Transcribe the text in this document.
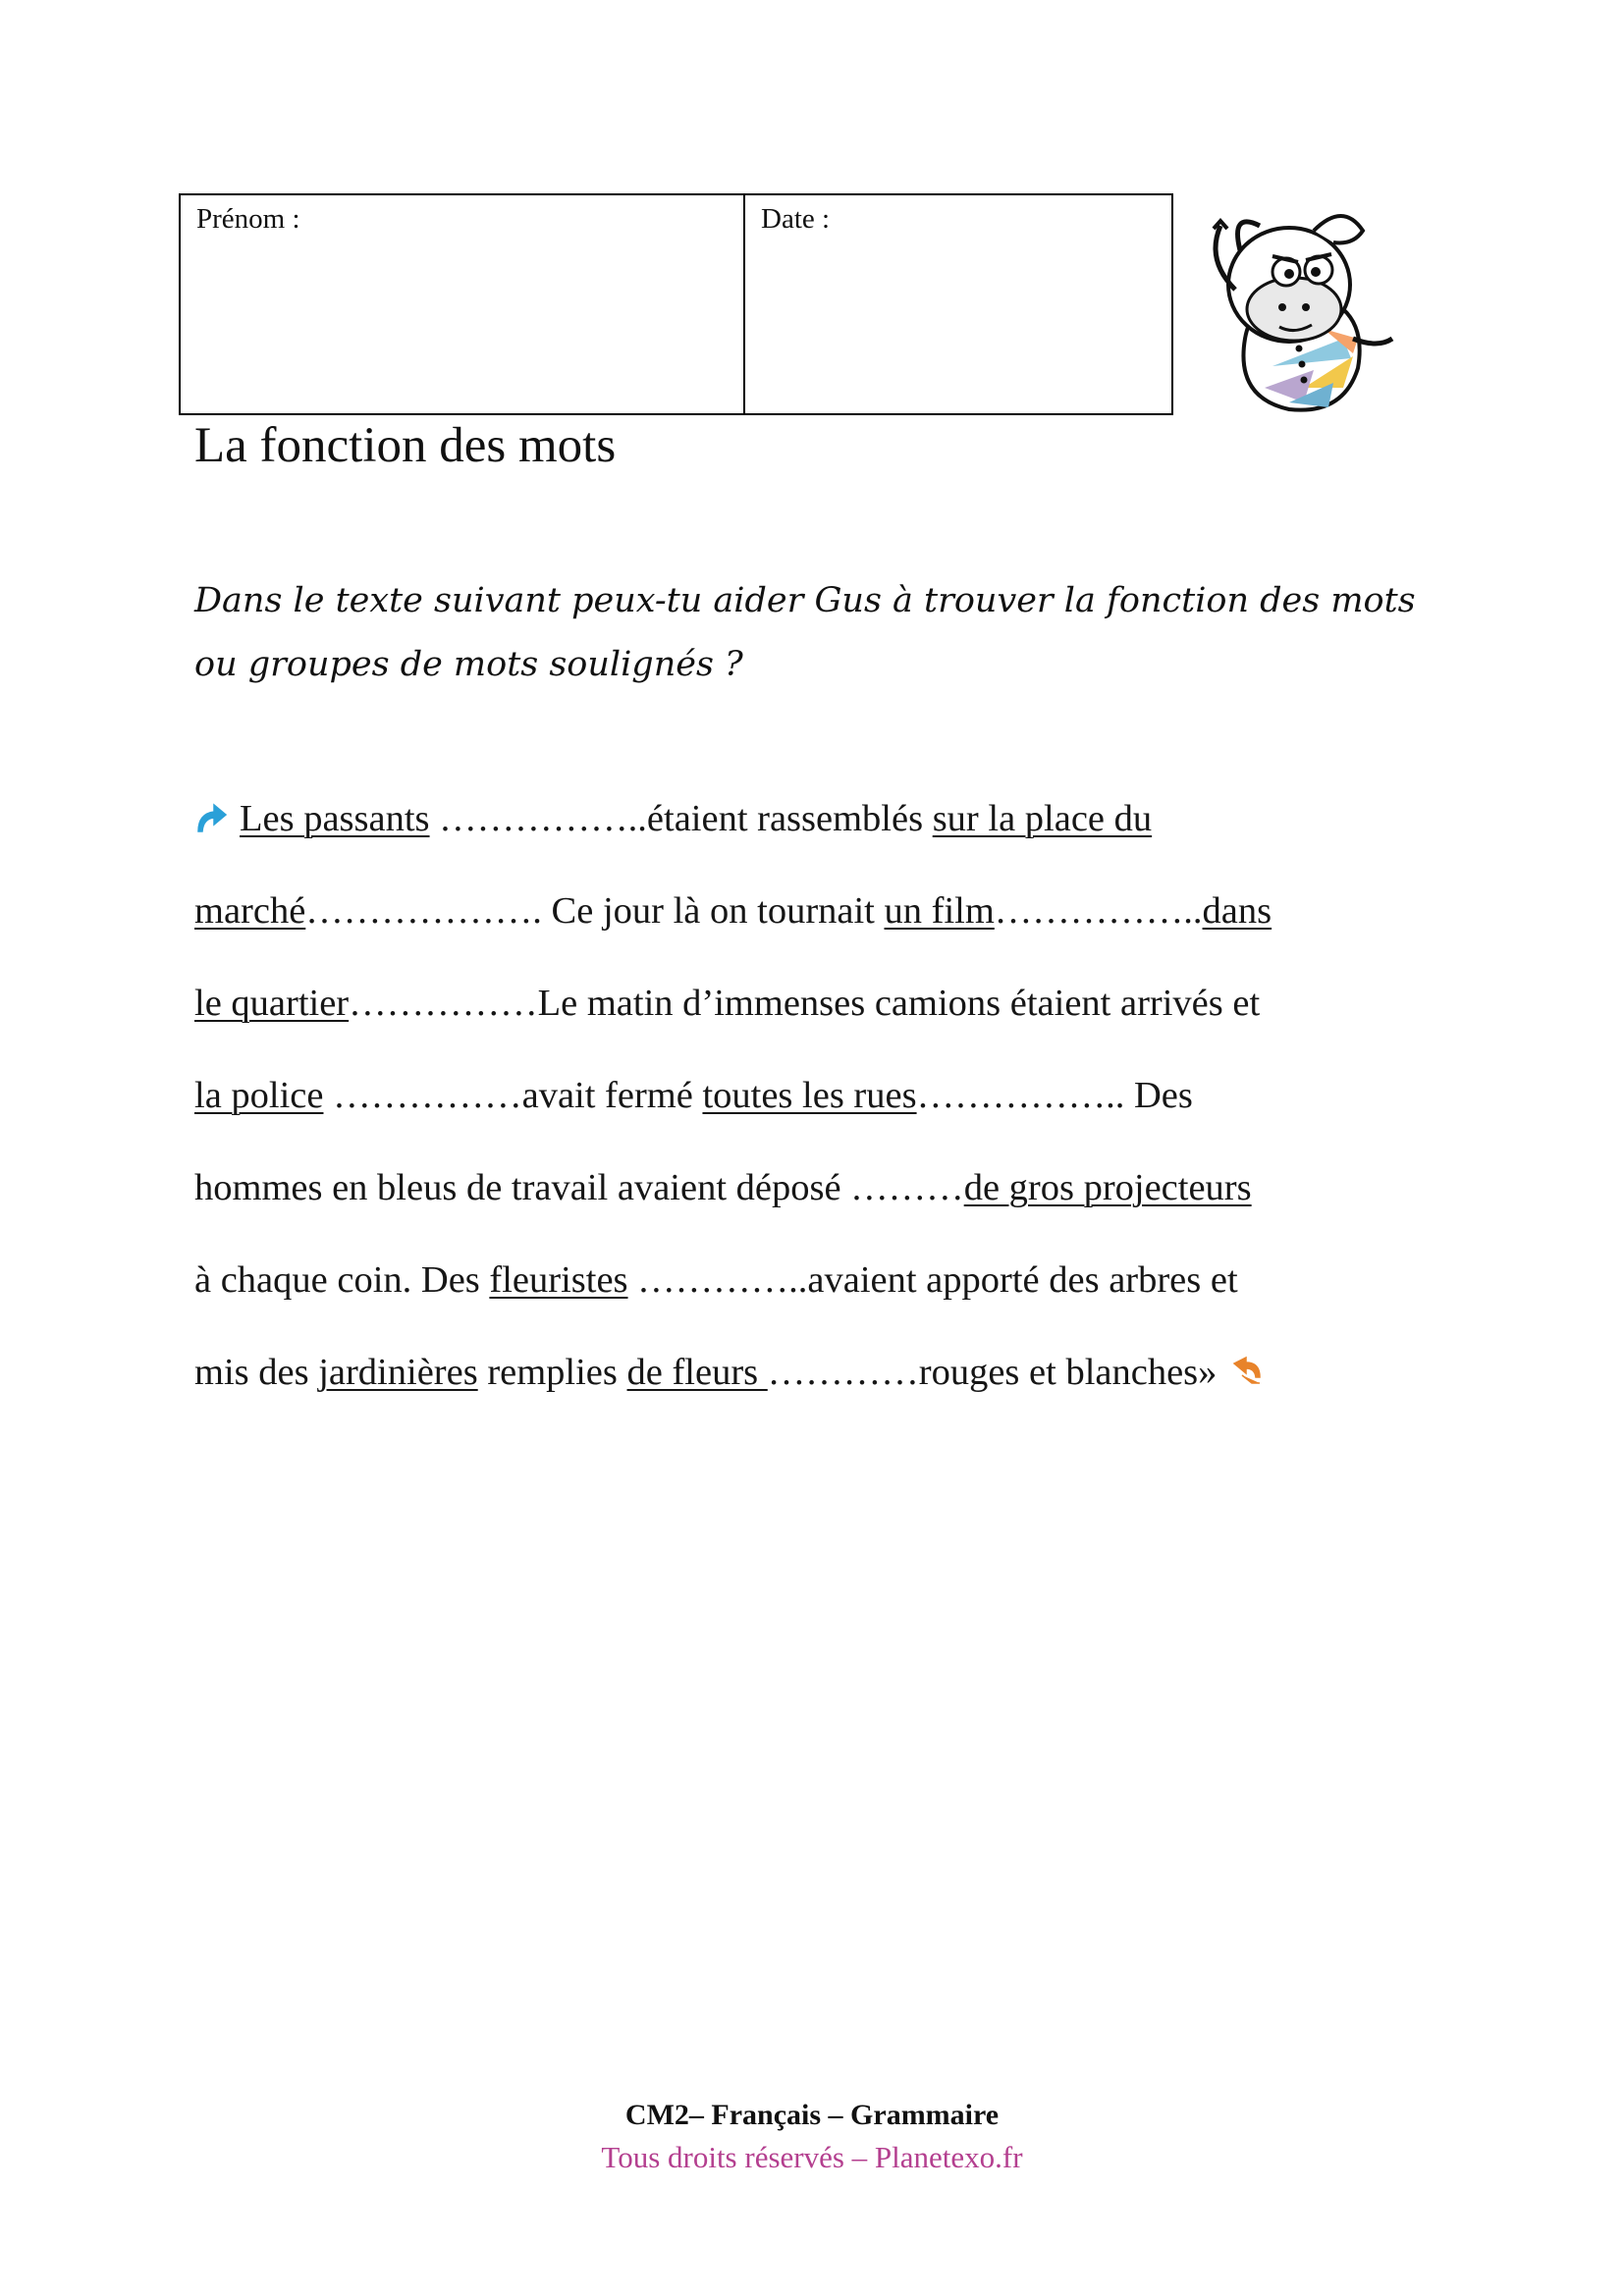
Prénom :	Date :
La fonction des mots

Dans le texte suivant peux-tu aider Gus à trouver la fonction des mots ou groupes de mots soulignés ?

Les passants ……………..étaient rassemblés sur la place du
marché………………. Ce jour là on tournait un film……………..dans
le quartier……………Le matin d’immenses camions étaient arrivés et
la police ……………avait fermé toutes les rues…………….. Des
hommes en bleus de travail avaient déposé ………de gros projecteurs
à chaque coin. Des fleuristes …………..avaient apporté des arbres et
mis des jardinières remplies de fleurs …………rouges et blanches»
CM2– Français – Grammaire
Tous droits réservés – Planetexo.fr
